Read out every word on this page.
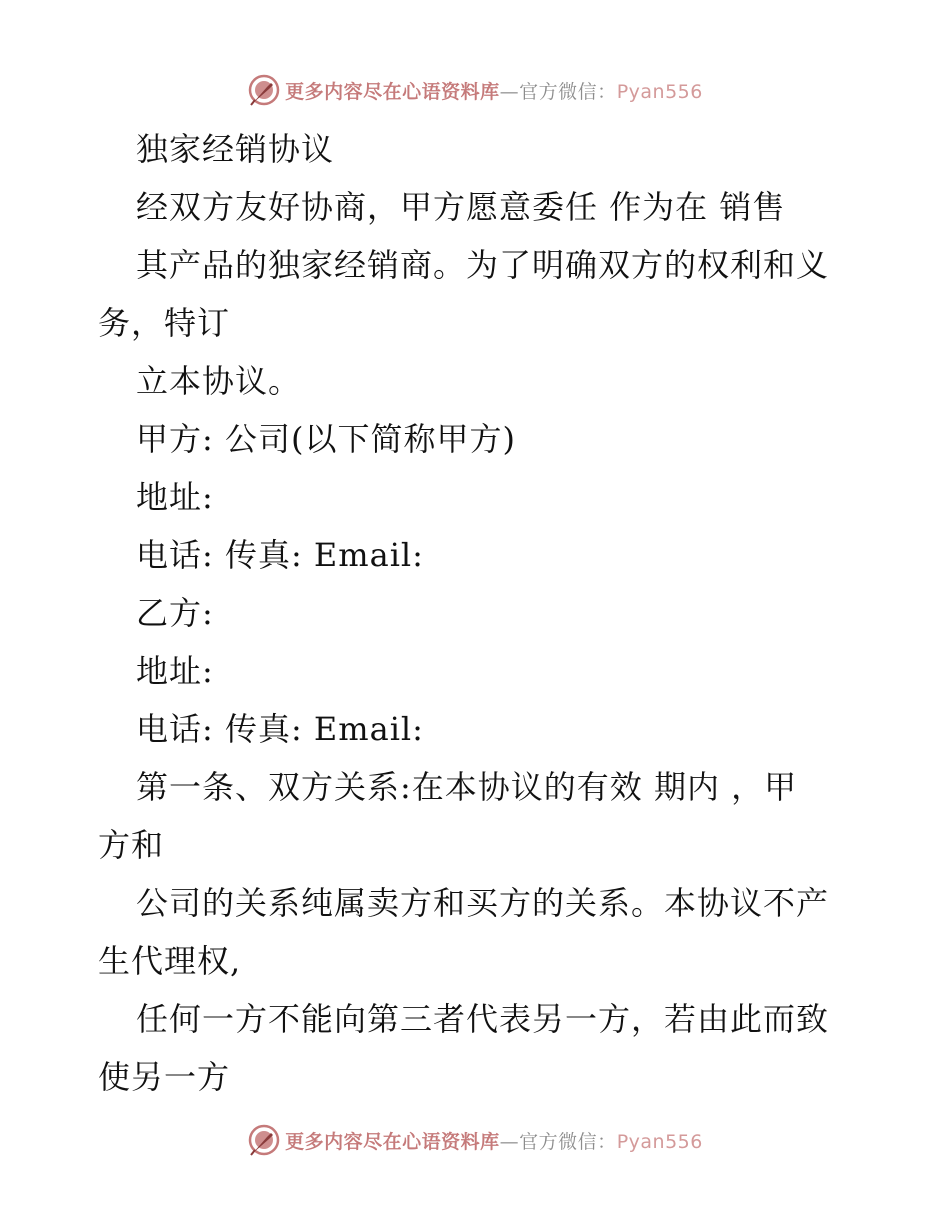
更多内容尽在心语资料库—官方微信：Pyan556
独家经销协议
经双方友好协商，甲方愿意委任 作为在 销售
其产品的独家经销商。为了明确双方的权利和义
务，特订
立本协议。
甲方: 公司(以下简称甲方)
地址:
电话: 传真: Email:
乙方:
地址:
电话: 传真: Email:
第一条、双方关系:在本协议的有效 期内 ，甲
方和
公司的关系纯属卖方和买方的关系。本协议不产
生代理权,
任何一方不能向第三者代表另一方，若由此而致
使另一方
更多内容尽在心语资料库—官方微信：Pyan556
